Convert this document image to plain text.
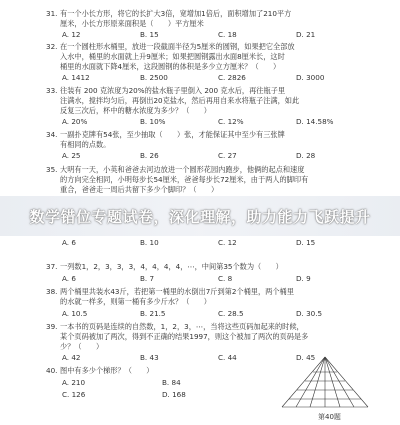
31. 有一个小长方形，将它的长扩大3倍，宽增加1倍后，面积增加了210平方
厘米，小长方形原来面积是（　　）平方厘米
A. 12	B. 15	C. 18	D. 21
32. 在一个圆柱形水桶里，放进一段截面半径为5厘米的圆钢，如果把它全部放
入水中，桶里的水面就上升9厘米；如果把圆钢露出水面8厘米长，这时
桶里的水面就下降4厘米，这段圆钢的体积是多少立方厘米？（　　）
A. 1412	B. 2500	C. 2826	D. 3000
33. 往装有 200 克浓度为20%的盐水瓶子里倒入 200 克水后，再往瓶子里
注满水，搅拌均匀后，再倒出20克盐水，然后再用自来水将瓶子注满，如此
反复三次后，杯中的糖水浓度为多少？（　　）
A. 20%	B. 10%	C. 12%	D. 14.58%
34. 一副扑克牌有54张，至少抽取（　　）张，才能保证其中至少有三张牌
有相同的点数。
A. 25	B. 26	C. 27	D. 28
35. 大明有一天，小英和爸爸去河边放进一个圆形花园内跑步，他俩的起点和速度
的方向完全相同，小明每步长54厘米，爸爸每步长72厘米，由于两人的脚印有
重合，爸爸走一周后共留下多少个脚印？（　　）
A. 6	B. 10	C. 12	D. 15
数学错位专题试卷，深化理解，助力能力飞跃提升
37. 一列数1，2，3，3，3，4，4，4，4，⋯，中间第35个数为（　　）
A. 6	B. 7	C. 8	D. 9
38. 两个桶里共装水43斤，若把第一桶里的水倒出7斤到第2个桶里，两个桶里
的水就一样多，则第一桶有多少斤水？（　　）
A. 10.5	B. 21.5	C. 28.5	D. 30.5
39. 一本书的页码是连续的自然数，1，2，3，⋯，当将这些页码加起来的时候，
某个页码被加了两次，得到不正确的结果1997，则这个被加了两次的页码是多
少？（　　）
A. 42	B. 43	C. 44	D. 45
40. 图中有多少个梯形？（　　）
A. 210	B. 84
C. 126	D. 168
第40题
